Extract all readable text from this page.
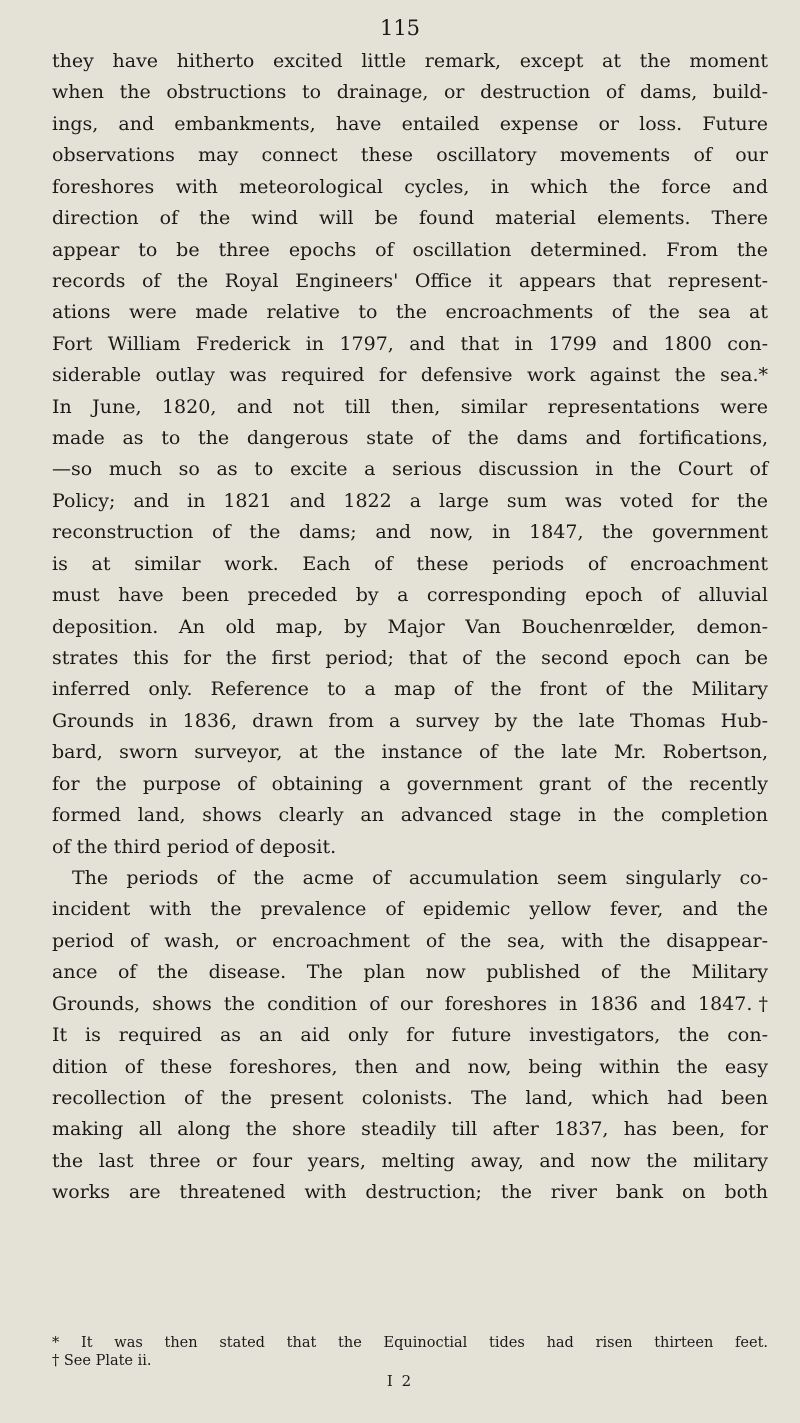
115
they have hitherto excited little remark, except at the moment
when the obstructions to drainage, or destruction of dams, build-
ings, and embankments, have entailed expense or loss. Future
observations may connect these oscillatory movements of our
foreshores with meteorological cycles, in which the force and
direction of the wind will be found material elements. There
appear to be three epochs of oscillation determined. From the
records of the Royal Engineers' Office it appears that represent-
ations were made relative to the encroachments of the sea at
Fort William Frederick in 1797, and that in 1799 and 1800 con-
siderable outlay was required for defensive work against the sea.*
In June, 1820, and not till then, similar representations were
made as to the dangerous state of the dams and fortifications,
—so much so as to excite a serious discussion in the Court of
Policy; and in 1821 and 1822 a large sum was voted for the
reconstruction of the dams; and now, in 1847, the government
is at similar work. Each of these periods of encroachment
must have been preceded by a corresponding epoch of alluvial
deposition. An old map, by Major Van Bouchenrœlder, demon-
strates this for the first period; that of the second epoch can be
inferred only. Reference to a map of the front of the Military
Grounds in 1836, drawn from a survey by the late Thomas Hub-
bard, sworn surveyor, at the instance of the late Mr. Robertson,
for the purpose of obtaining a government grant of the recently
formed land, shows clearly an advanced stage in the completion
of the third period of deposit.
The periods of the acme of accumulation seem singularly co-
incident with the prevalence of epidemic yellow fever, and the
period of wash, or encroachment of the sea, with the disappear-
ance of the disease. The plan now published of the Military
Grounds, shows the condition of our foreshores in 1836 and 1847.†
It is required as an aid only for future investigators, the con-
dition of these foreshores, then and now, being within the easy
recollection of the present colonists. The land, which had been
making all along the shore steadily till after 1837, has been, for
the last three or four years, melting away, and now the military
works are threatened with destruction; the river bank on both
* It was then stated that the Equinoctial tides had risen thirteen feet.
† See Plate ii.
I 2
